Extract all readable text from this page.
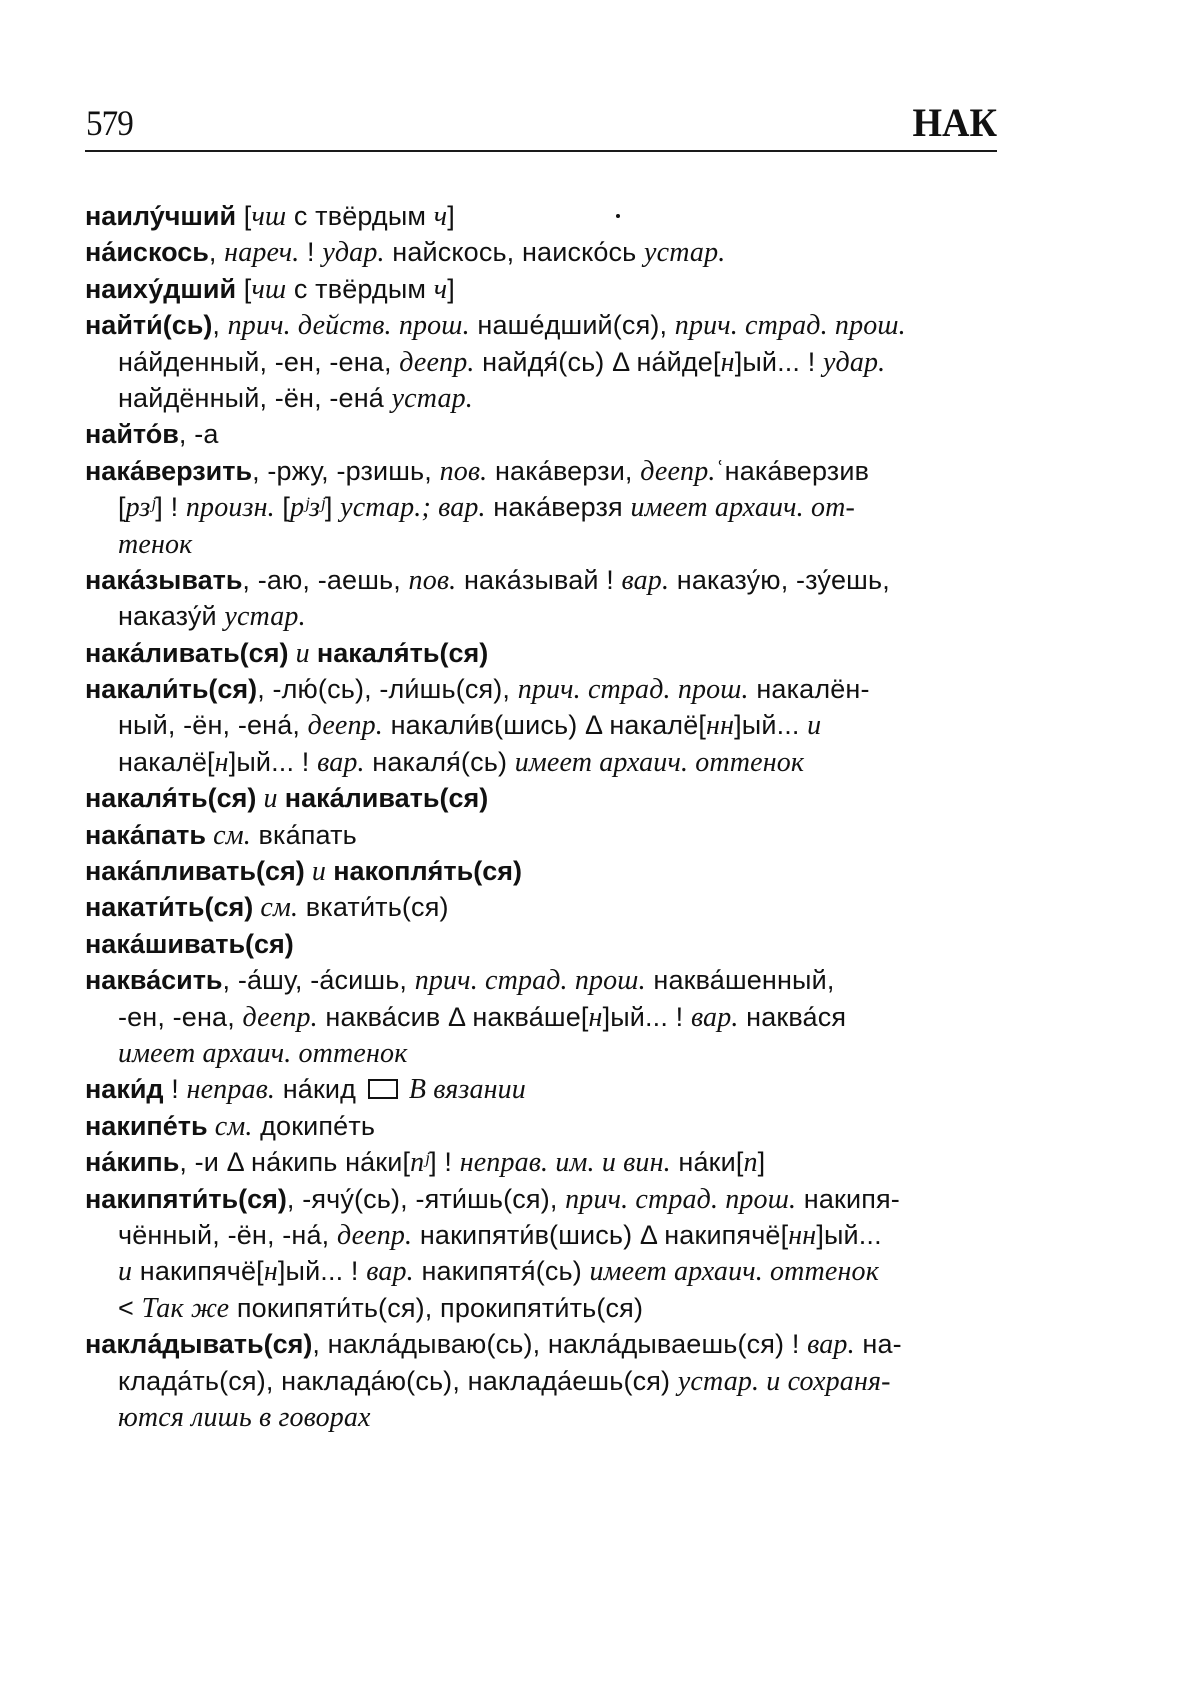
579	НАК
наилу́чший [чш с твёрдым ч]
на́искось, нареч. ! удар. найскось, наиско́сь устар.
наиху́дший [чш с твёрдым ч]
найти́(сь), прич. действ. прош. наше́дший(ся), прич. страд. прош.
на́йденный, -ен, -ена, деепр. найдя́(сь) Δ на́йде[н]ый... ! удар.
найдённый, -ён, -ена́ устар.
найто́в, -а
нака́верзить, -ржу, -рзишь, пов. нака́верзи, деепр.ʿнака́верзив
[рзʲ] ! произн. [рʲзʲ] устар.; вар. нака́верзя имеет архаич. от-
тенок
нака́зывать, -аю, -аешь, пов. нака́зывай ! вар. наказу́ю, -зу́ешь,
наказу́й устар.
нака́ливать(ся) и накаля́ть(ся)
накали́ть(ся), -лю́(сь), -ли́шь(ся), прич. страд. прош. накалён-
ный, -ён, -ена́, деепр. накали́в(шись) Δ накалё[нн]ый... и
накалё[н]ый... ! вар. накаля́(сь) имеет архаич. оттенок
накаля́ть(ся) и нака́ливать(ся)
нака́пать см. вка́пать
нака́пливать(ся) и накопля́ть(ся)
накати́ть(ся) см. вкати́ть(ся)
нака́шивать(ся)
наква́сить, -а́шу, -а́сишь, прич. страд. прош. наква́шенный,
-ен, -ена, деепр. наква́сив Δ наква́ше[н]ый... ! вар. наква́ся
имеет архаич. оттенок
наки́д ! неправ. на́кид  В вязании
накипе́ть см. докипе́ть
на́кипь, -и Δ на́кипь на́ки[пʲ] ! неправ. им. и вин. на́ки[п]
накипяти́ть(ся), -ячу́(сь), -яти́шь(ся), прич. страд. прош. накипя-
чённый, -ён, -на́, деепр. накипяти́в(шись) Δ накипячё[нн]ый...
и накипячё[н]ый... ! вар. накипятя́(сь) имеет архаич. оттенок
< Так же покипяти́ть(ся), прокипяти́ть(ся)
накла́дывать(ся), накла́дываю(сь), накла́дываешь(ся) ! вар. на-
клада́ть(ся), наклада́ю(сь), наклада́ешь(ся) устар. и сохраня-
ются лишь в говорах
